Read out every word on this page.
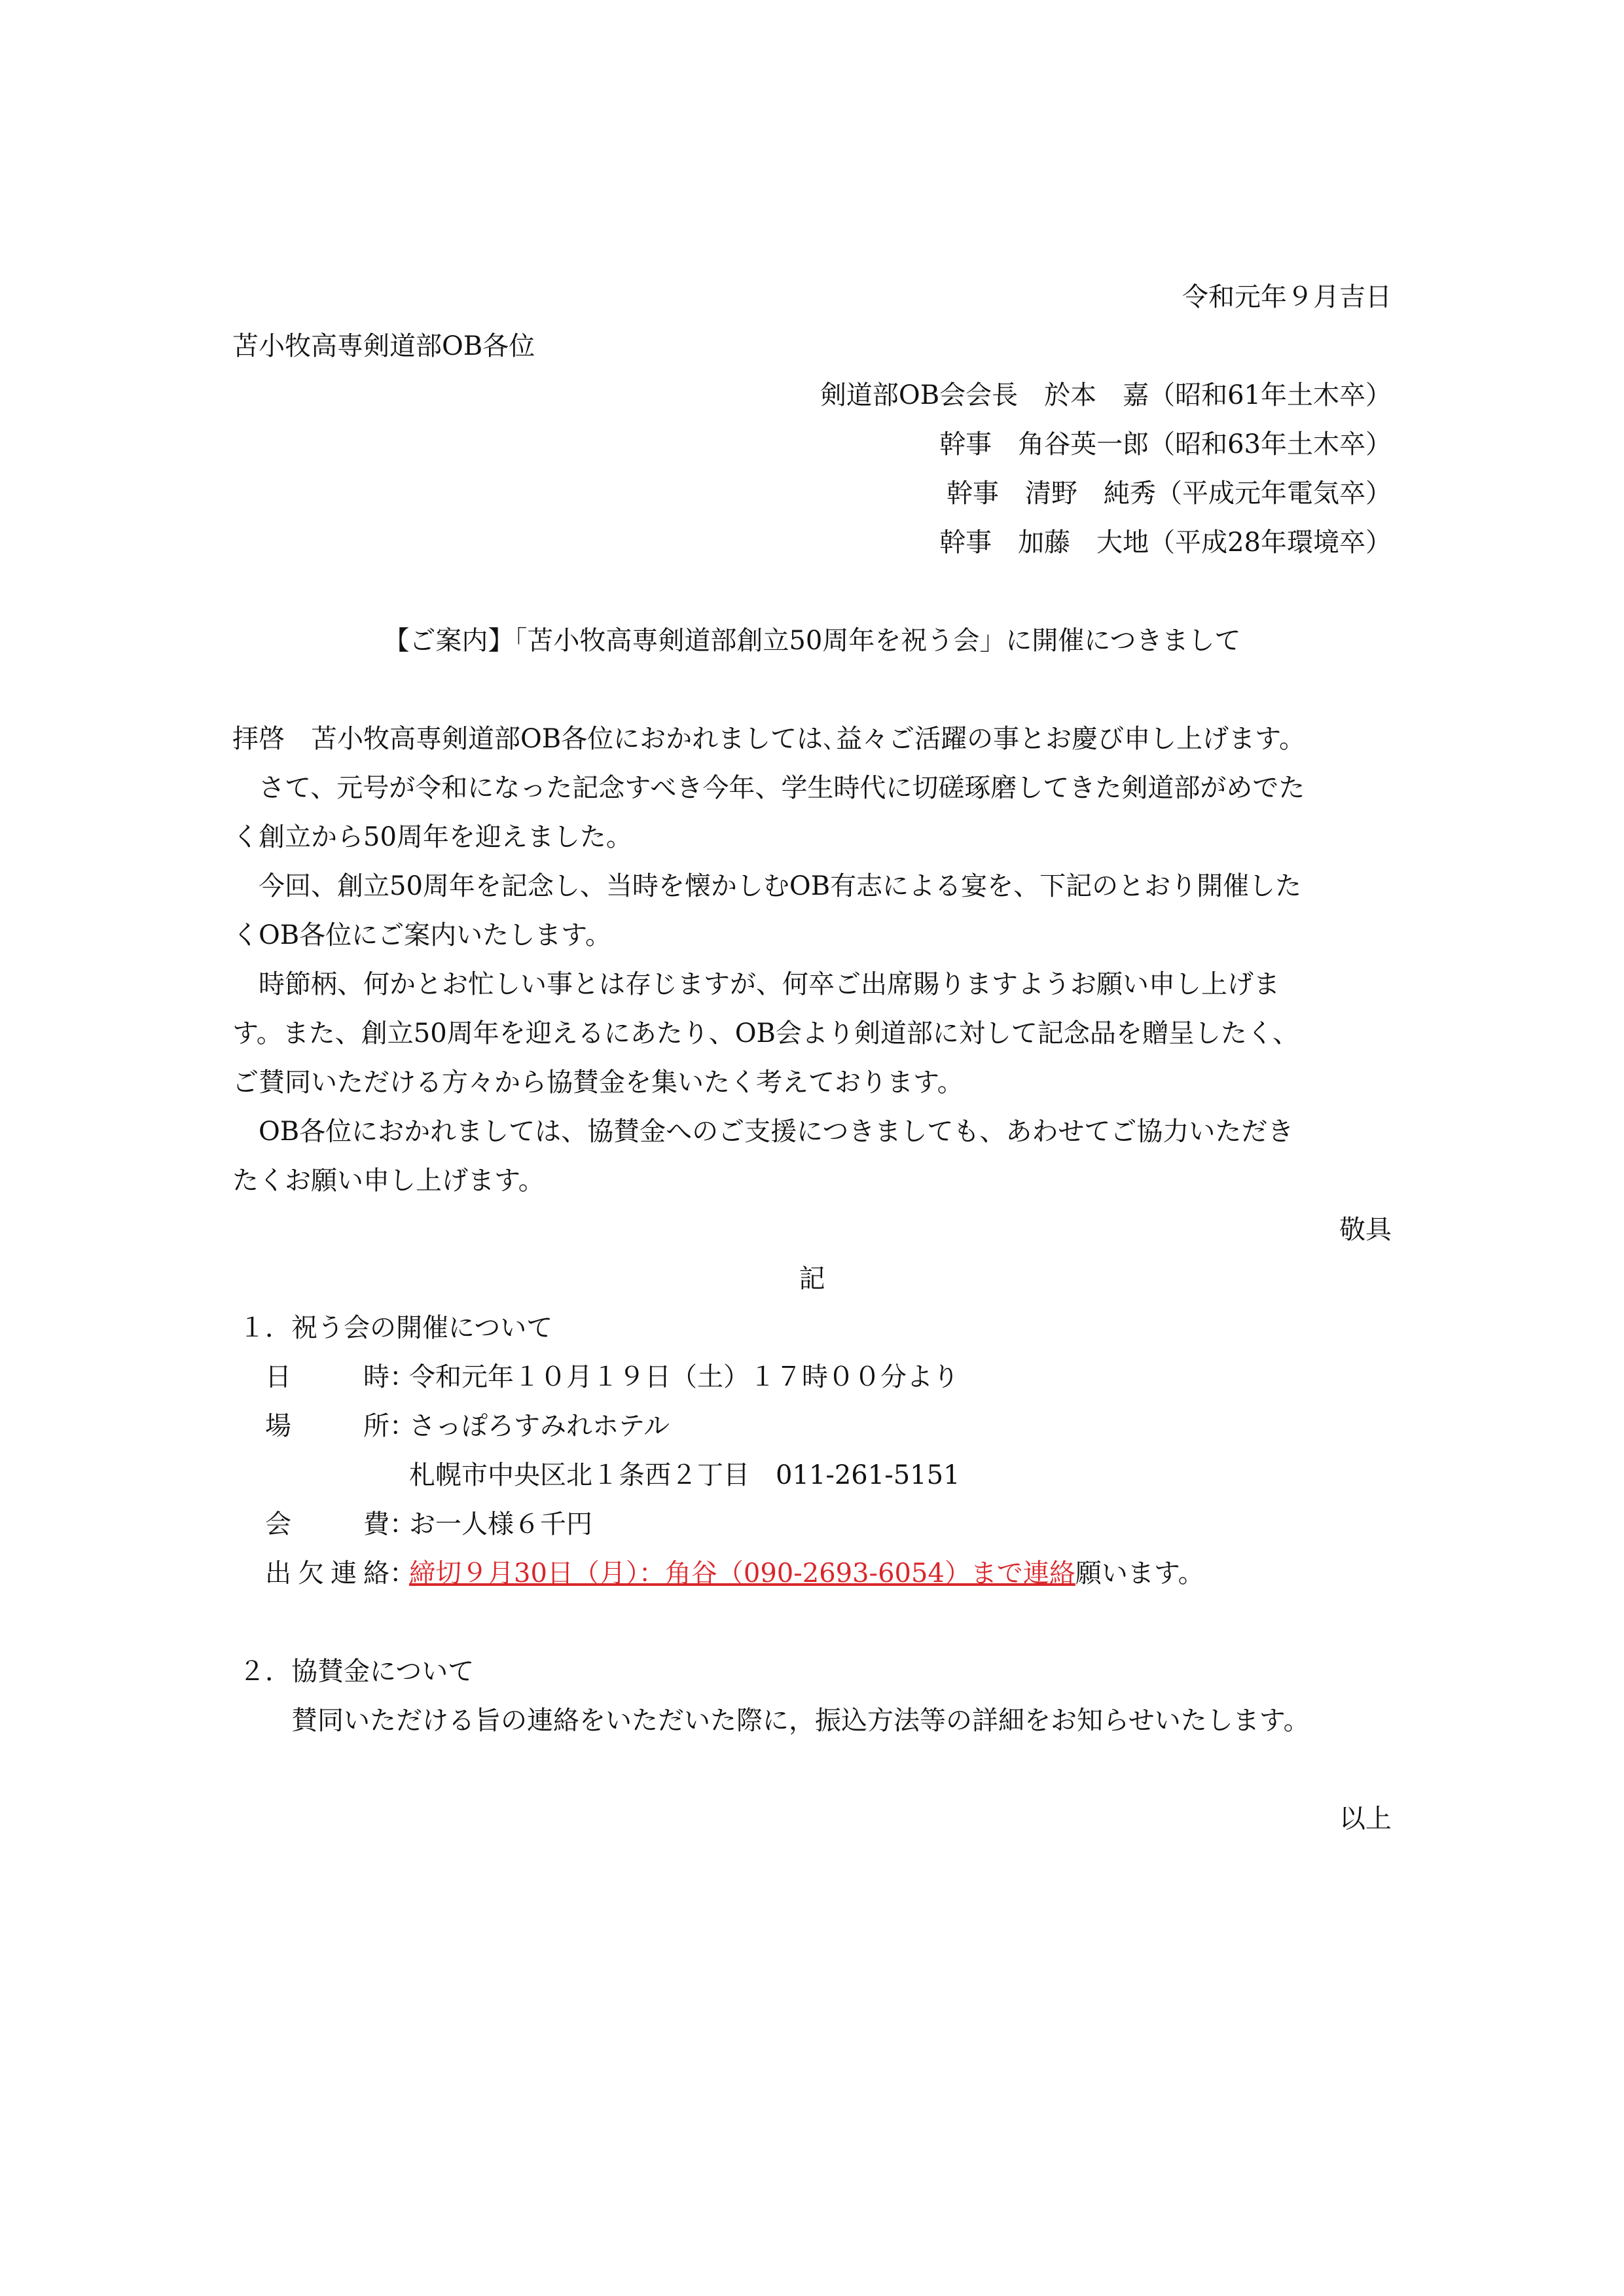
令和元年９月吉日
苫小牧高専剣道部OB各位
剣道部OB会会長　於本　嘉（昭和61年土木卒）
幹事　角谷英一郎（昭和63年土木卒）
幹事　清野　純秀（平成元年電気卒）
幹事　加藤　大地（平成28年環境卒）
【ご案内】「苫小牧高専剣道部創立50周年を祝う会」に開催につきまして
拝啓　苫小牧高専剣道部OB各位におかれましては､益々ご活躍の事とお慶び申し上げます。
さて、元号が令和になった記念すべき今年、学生時代に切磋琢磨してきた剣道部がめでた
く創立から50周年を迎えました。
今回、創立50周年を記念し、当時を懐かしむOB有志による宴を、下記のとおり開催した
くOB各位にご案内いたします。
時節柄、何かとお忙しい事とは存じますが、何卒ご出席賜りますようお願い申し上げま
す。また、創立50周年を迎えるにあたり、OB会より剣道部に対して記念品を贈呈したく、
ご賛同いただける方々から協賛金を集いたく考えております。
OB各位におかれましては、協賛金へのご支援につきましても、あわせてご協力いただき
たくお願い申し上げます。
敬具
記
１．祝う会の開催について
日時：令和元年１０月１９日（土）１７時００分より
場所：さっぽろすみれホテル
札幌市中央区北１条西２丁目　011-261-5151
会費：お一人様６千円
出欠連絡：締切９月30日（月）：角谷（090-2693-6054）まで連絡願います。
２．協賛金について
賛同いただける旨の連絡をいただいた際に，振込方法等の詳細をお知らせいたします。
以上
